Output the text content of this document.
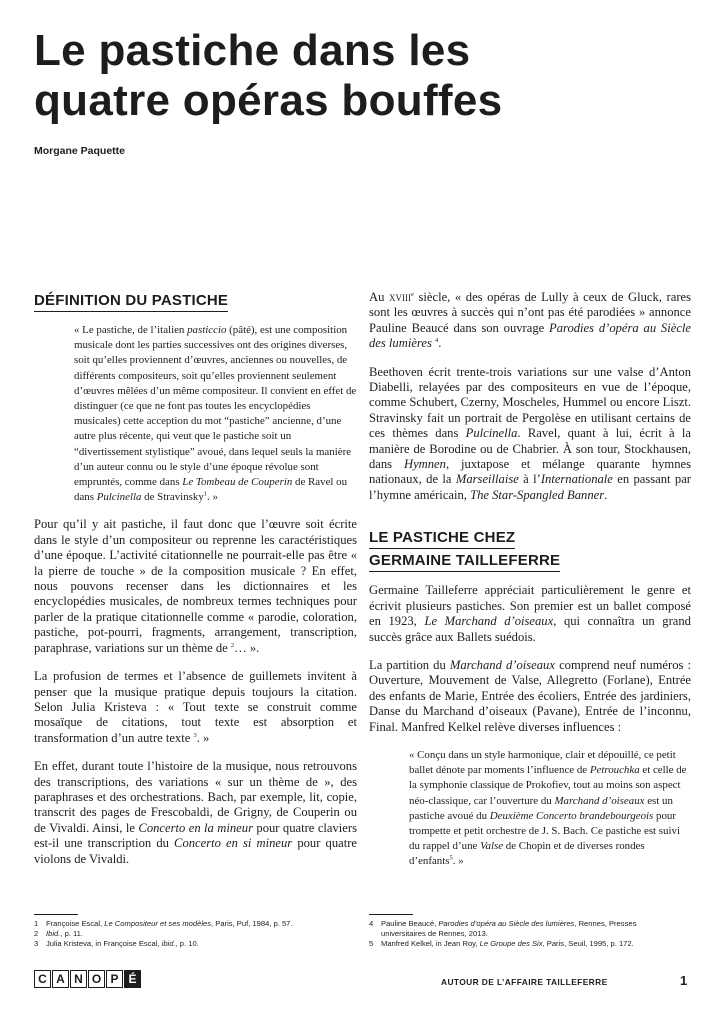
Le pastiche dans les
quatre opéras bouffes
Morgane Paquette
DÉFINITION DU PASTICHE

« Le pastiche, de l’italien pasticcio (pâté), est une composition musicale dont les parties successives ont des origines diverses, soit qu’elles proviennent d’œuvres, anciennes ou nouvelles, de différents compositeurs, soit qu’elles proviennent seulement d’œuvres mêlées d’un même compositeur. Il convient en effet de distinguer (ce que ne font pas toutes les encyclopédies musicales) cette acception du mot “pastiche” ancienne, d’une autre plus récente, qui veut que le pastiche soit un “divertissement stylistique” avoué, dans lequel seuls la manière d’un auteur connu ou le style d’une époque révolue sont empruntés, comme dans Le Tombeau de Couperin de Ravel ou dans Pulcinella de Stravinsky$^1$. »

Pour qu’il y ait pastiche, il faut donc que l’œuvre soit écrite dans le style d’un compositeur ou reprenne les caractéristiques d’une époque. L’activité citationnelle ne pourrait-elle pas être « la pierre de touche » de la composition musicale ? En effet, nous pouvons recenser dans les dictionnaires et les encyclopédies musicales, de nombreux termes techniques pour parler de la pratique citationnelle comme « parodie, coloration, pastiche, pot-pourri, fragments, arrangement, transcription, paraphrase, variations sur un thème de $^2$… ».

La profusion de termes et l’absence de guillemets invitent à penser que la musique pratique depuis toujours la citation. Selon Julia Kristeva : « Tout texte se construit comme mosaïque de citations, tout texte est absorption et transformation d’un autre texte $^3$. »

En effet, durant toute l’histoire de la musique, nous retrouvons des transcriptions, des variations « sur un thème de », des paraphrases et des orchestrations. Bach, par exemple, lit, copie, transcrit des pages de Frescobaldi, de Grigny, de Couperin ou de Vivaldi. Ainsi, le Concerto en la mineur pour quatre claviers est-il une transcription du Concerto en si mineur pour quatre violons de Vivaldi.

Au xviii$^e$ siècle, « des opéras de Lully à ceux de Gluck, rares sont les œuvres à succès qui n’ont pas été parodiées » annonce Pauline Beaucé dans son ouvrage Parodies d’opéra au Siècle des lumières $^4$.

Beethoven écrit trente-trois variations sur une valse d’Anton Diabelli, relayées par des compositeurs en vue de l’époque, comme Schubert, Czerny, Moscheles, Hummel ou encore Liszt. Stravinsky fait un portrait de Pergolèse en utilisant certains de ces thèmes dans Pulcinella. Ravel, quant à lui, écrit à la manière de Borodine ou de Chabrier. À son tour, Stockhausen, dans Hymnen, juxtapose et mélange quarante hymnes nationaux, de la Marseillaise à l’Internationale en passant par l’hymne américain, The Star-Spangled Banner.

LE PASTICHE CHEZ
GERMAINE TAILLEFERRE

Germaine Tailleferre appréciait particulièrement le genre et écrivit plusieurs pastiches. Son premier est un ballet composé en 1923, Le Marchand d’oiseaux, qui connaîtra un grand succès grâce aux Ballets suédois.

La partition du Marchand d’oiseaux comprend neuf numéros : Ouverture, Mouvement de Valse, Allegretto (Forlane), Entrée des enfants de Marie, Entrée des écoliers, Entrée des jardiniers, Danse du Marchand d’oiseaux (Pavane), Entrée de l’inconnu, Final. Manfred Kelkel relève diverses influences :

« Conçu dans un style harmonique, clair et dépouillé, ce petit ballet dénote par moments l’influence de Petrouchka et celle de la symphonie classique de Prokofiev, tout au moins son aspect néo-classique, car l’ouverture du Marchand d’oiseaux est un pastiche avoué du Deuxième Concerto brandebourgeois pour trompette et petit orchestre de J. S. Bach. Ce pastiche est suivi du rappel d’une Valse de Chopin et de diverses rondes d’enfants$^5$. »

1	Françoise Escal, Le Compositeur et ses modèles, Paris, Puf, 1984, p. 57.
2	Ibid., p. 11.
3	Julia Kristeva, in Françoise Escal, ibid., p. 10.
4	Pauline Beaucé, Parodies d’opéra au Siècle des lumières, Rennes, Presses universitaires de Rennes, 2013.
5	Manfred Kelkel, in Jean Roy, Le Groupe des Six, Paris, Seuil, 1995, p. 172.
C A N O P É	AUTOUR DE L’AFFAIRE TAILLEFERRE	1
